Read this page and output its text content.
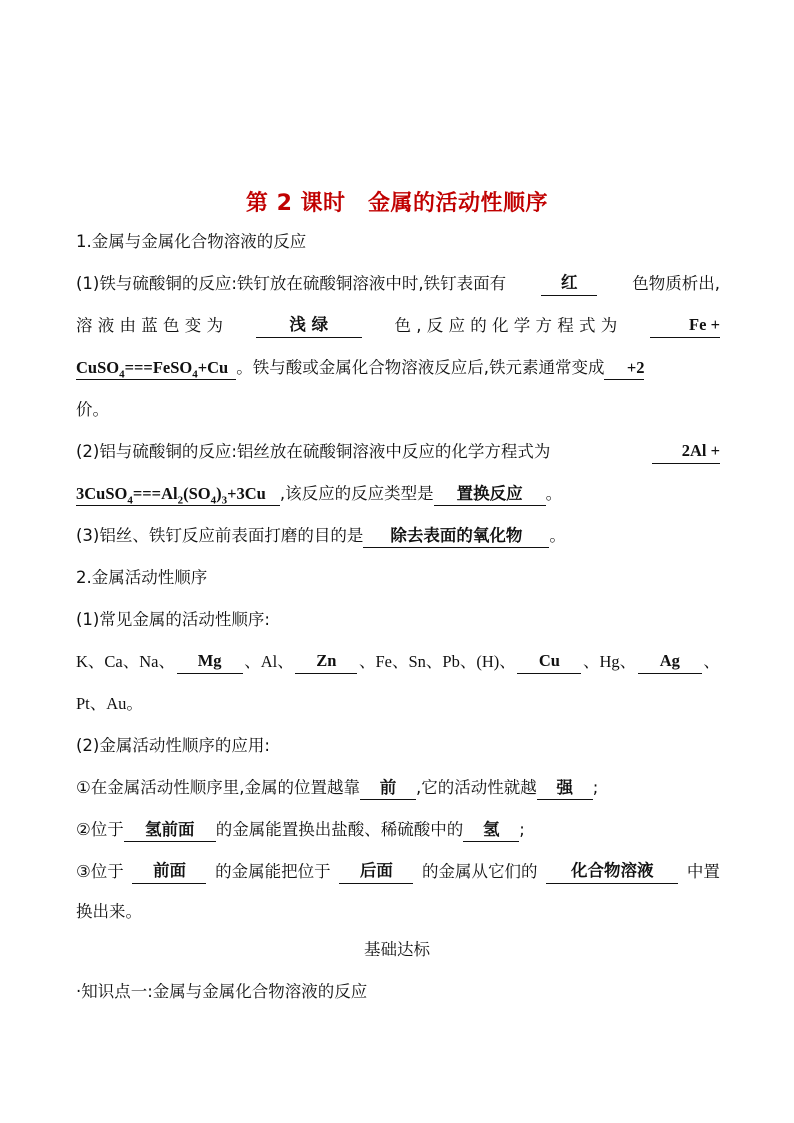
第 2 课时　金属的活动性顺序
1.金属与金属化合物溶液的反应
(1)铁与硫酸铜的反应:铁钉放在硫酸铜溶液中时,铁钉表面有	红	色物质析出,
溶 液 由 蓝 色 变 为	浅 绿	色 , 反 应 的 化 学 方 程 式 为	Fe +
CuSO$_4$===FeSO$_4$+Cu 。铁与酸或金属化合物溶液反应后,铁元素通常变成 +2
价。
(2)铝与硫酸铜的反应:铝丝放在硫酸铜溶液中反应的化学方程式为	2Al +
$3CuSO_4===Al_2(SO_4)_3+3Cu$ ,该反应的反应类型是 置换反应 。
(3)铝丝、铁钉反应前表面打磨的目的是 除去表面的氧化物 。
2.金属活动性顺序
(1)常见金属的活动性顺序:
K、Ca、Na、	Mg	、Al、	Zn	、Fe、Sn、Pb、(H)、	Cu	、Hg、	Ag	、
Pt、Au。
(2)金属活动性顺序的应用:
①在金属活动性顺序里,金属的位置越靠 前 ,它的活动性就越 强 ;
②位于 氢前面 的金属能置换出盐酸、稀硫酸中的 氢 ;
③位于	前面	的金属能把位于	后面	的金属从它们的	化合物溶液	中置
换出来。
基础达标
·知识点一:金属与金属化合物溶液的反应
